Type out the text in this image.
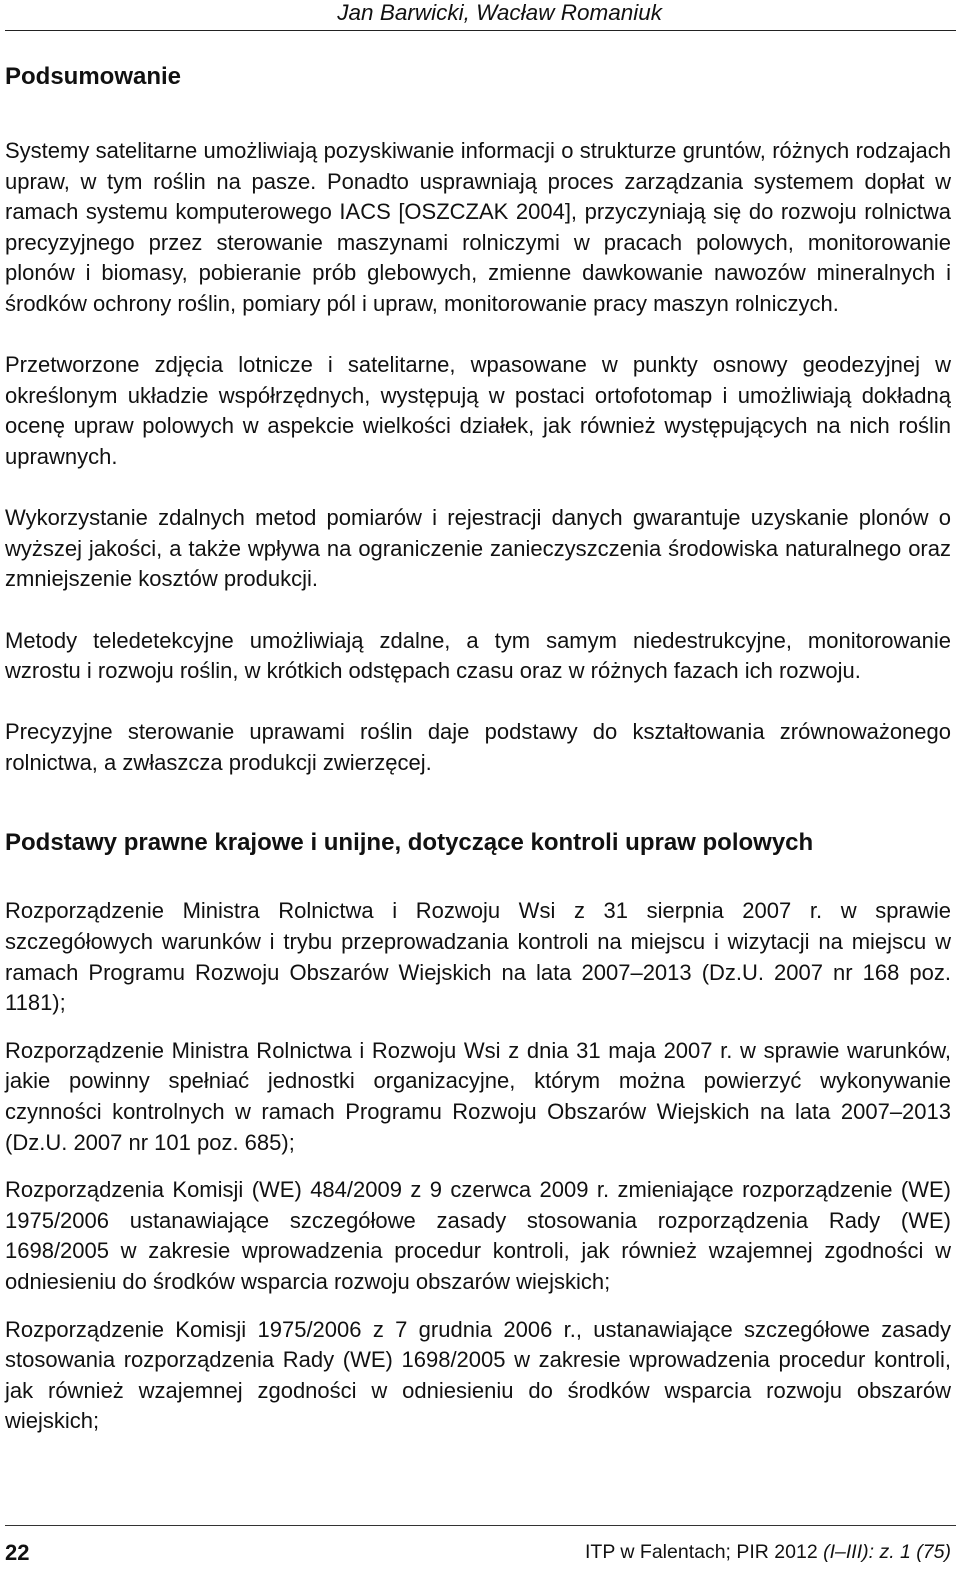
Jan Barwicki, Wacław Romaniuk
Podsumowanie

Systemy satelitarne umożliwiają pozyskiwanie informacji o strukturze gruntów, różnych rodzajach upraw, w tym roślin na pasze. Ponadto usprawniają proces zarządzania systemem dopłat w ramach systemu komputerowego IACS [OSZCZAK 2004], przyczyniają się do rozwoju rolnictwa precyzyjnego przez sterowanie maszynami rolniczymi w pracach polowych, monitorowanie plonów i biomasy, pobieranie prób glebowych, zmienne dawkowanie nawozów mineralnych i środków ochrony roślin, pomiary pól i upraw, monitorowanie pracy maszyn rolniczych.

Przetworzone zdjęcia lotnicze i satelitarne, wpasowane w punkty osnowy geodezyjnej w określonym układzie współrzędnych, występują w postaci ortofotomap i umożliwiają dokładną ocenę upraw polowych w aspekcie wielkości działek, jak również występujących na nich roślin uprawnych.

Wykorzystanie zdalnych metod pomiarów i rejestracji danych gwarantuje uzyskanie plonów o wyższej jakości, a także wpływa na ograniczenie zanieczyszczenia środowiska naturalnego oraz zmniejszenie kosztów produkcji.

Metody teledetekcyjne umożliwiają zdalne, a tym samym niedestrukcyjne, monitorowanie wzrostu i rozwoju roślin, w krótkich odstępach czasu oraz w różnych fazach ich rozwoju.

Precyzyjne sterowanie uprawami roślin daje podstawy do kształtowania zrównoważonego rolnictwa, a zwłaszcza produkcji zwierzęcej.

Podstawy prawne krajowe i unijne, dotyczące kontroli upraw polowych

Rozporządzenie Ministra Rolnictwa i Rozwoju Wsi z 31 sierpnia 2007 r. w sprawie szczegółowych warunków i trybu przeprowadzania kontroli na miejscu i wizytacji na miejscu w ramach Programu Rozwoju Obszarów Wiejskich na lata 2007–2013 (Dz.U. 2007 nr 168 poz. 1181);

Rozporządzenie Ministra Rolnictwa i Rozwoju Wsi z dnia 31 maja 2007 r. w sprawie warunków, jakie powinny spełniać jednostki organizacyjne, którym można powierzyć wykonywanie czynności kontrolnych w ramach Programu Rozwoju Obszarów Wiejskich na lata 2007–2013 (Dz.U. 2007 nr 101 poz. 685);

Rozporządzenia Komisji (WE) 484/2009 z 9 czerwca 2009 r. zmieniające rozporządzenie (WE) 1975/2006 ustanawiające szczegółowe zasady stosowania rozporządzenia Rady (WE) 1698/2005 w zakresie wprowadzenia procedur kontroli, jak również wzajemnej zgodności w odniesieniu do środków wsparcia rozwoju obszarów wiejskich;

Rozporządzenie Komisji 1975/2006 z 7 grudnia 2006 r., ustanawiające szczegółowe zasady stosowania rozporządzenia Rady (WE) 1698/2005 w zakresie wprowadzenia procedur kontroli, jak również wzajemnej zgodności w odniesieniu do środków wsparcia rozwoju obszarów wiejskich;

22	ITP w Falentach; PIR 2012 (I–III): z. 1 (75)
